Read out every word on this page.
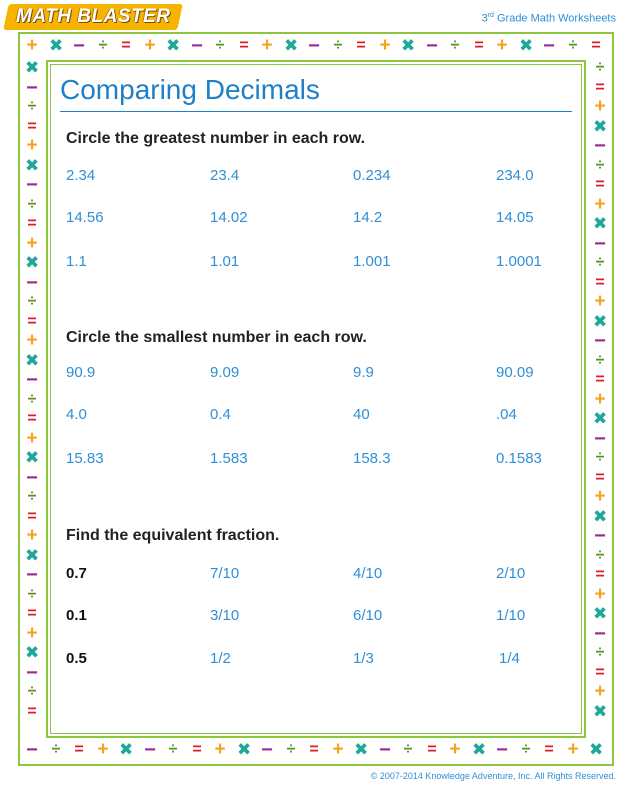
MATH BLASTER	3rd Grade Math Worksheets
+ ✖ − ÷ = + ✖ − ÷ = + ✖ − ÷ = + ✖ − ÷ = + ✖ − ÷ =
− ÷ = + ✖ − ÷ = + ✖ − ÷ = + ✖ − ÷ = + ✖ − ÷ = + ✖
✖
−
÷
=
+
✖
−
÷
=
+
✖
−
÷
=
+
✖
−
÷
=
+
✖
−
÷
=
+
✖
−
÷
=
+
✖
−
÷
=
÷
=
+
✖
−
÷
=
+
✖
−
÷
=
+
✖
−
÷
=
+
✖
−
÷
=
+
✖
−
÷
=
+
✖
−
÷
=
+
✖
Comparing Decimals
Circle the greatest number in each row.
2.34	23.4	0.234	234.0
14.56	14.02	14.2	14.05
1.1	1.01	1.001	1.0001
Circle the smallest number in each row.
90.9	9.09	9.9	90.09
4.0	0.4	40	.04
15.83	1.583	158.3	0.1583
Find the equivalent fraction.
0.7	7/10	4/10	2/10
0.1	3/10	6/10	1/10
0.5	1/2	1/3	1/4
© 2007-2014 Knowledge Adventure, Inc. All Rights Reserved.
